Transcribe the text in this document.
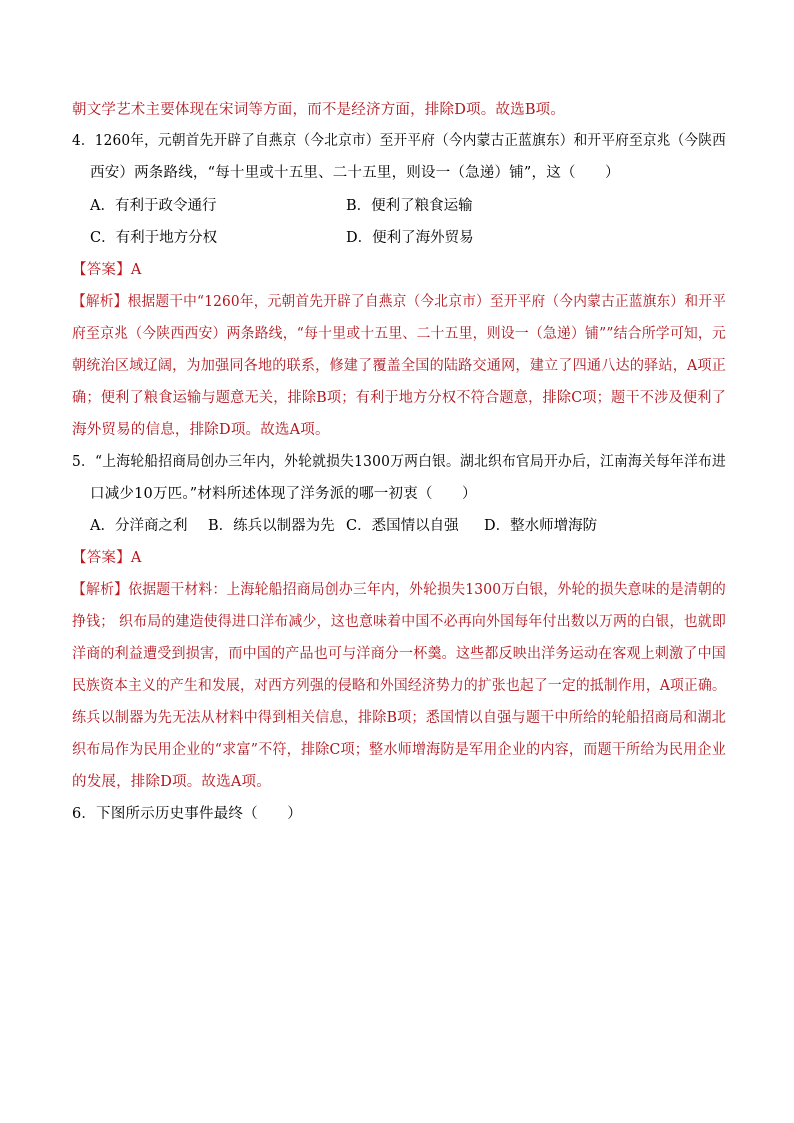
朝文学艺术主要体现在宋词等方面，而不是经济方面，排除D项。故选B项。
4．1260年，元朝首先开辟了自燕京（今北京市）至开平府（今内蒙古正蓝旗东）和开平府至京兆（今陕西
西安）两条路线，“每十里或十五里、二十五里，则设一（急递）铺”，这（　　）
A．有利于政令通行	B．便利了粮食运输
C．有利于地方分权	D．便利了海外贸易
【答案】A
【解析】根据题干中“1260年，元朝首先开辟了自燕京（今北京市）至开平府（今内蒙古正蓝旗东）和开平
府至京兆（今陕西西安）两条路线，“每十里或十五里、二十五里，则设一（急递）铺””结合所学可知，元
朝统治区域辽阔，为加强同各地的联系，修建了覆盖全国的陆路交通网，建立了四通八达的驿站，A项正
确；便利了粮食运输与题意无关，排除B项；有利于地方分权不符合题意，排除C项；题干不涉及便利了
海外贸易的信息，排除D项。故选A项。
5．“上海轮船招商局创办三年内，外轮就损失1300万两白银。湖北织布官局开办后，江南海关每年洋布进
口减少10万匹。”材料所述体现了洋务派的哪一初衷（　　）
A．分洋商之利 B．练兵以制器为先 C．悉国情以自强 D．整水师增海防
【答案】A
【解析】依据题干材料：上海轮船招商局创办三年内，外轮损失1300万白银，外轮的损失意味的是清朝的
挣钱； 织布局的建造使得进口洋布减少，这也意味着中国不必再向外国每年付出数以万两的白银，也就即
洋商的利益遭受到损害，而中国的产品也可与洋商分一杯羹。这些都反映出洋务运动在客观上刺激了中国
民族资本主义的产生和发展，对西方列强的侵略和外国经济势力的扩张也起了一定的抵制作用，A项正确。
练兵以制器为先无法从材料中得到相关信息，排除B项；悉国情以自强与题干中所给的轮船招商局和湖北
织布局作为民用企业的“求富”不符，排除C项；整水师增海防是军用企业的内容，而题干所给为民用企业
的发展，排除D项。故选A项。
6．下图所示历史事件最终（　　）
